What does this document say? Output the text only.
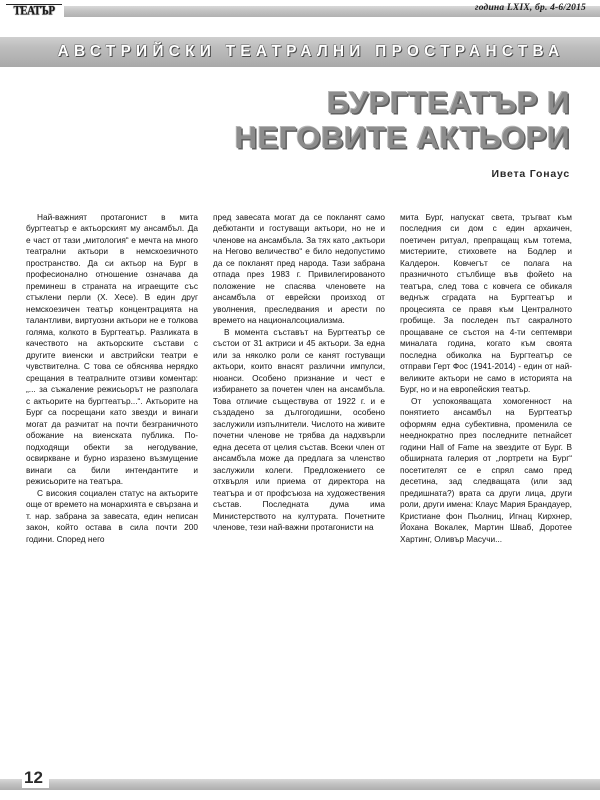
ТЕАТЪР	година LXIX, бр. 4-6/2015
АВСТРИЙСКИ ТЕАТРАЛНИ ПРОСТРАНСТВА
БУРГТЕАТЪР И
НЕГОВИТЕ АКТЬОРИ
Ивета Гонаус

Най-важният протагонист в мита бургтеатър е актьорският му ансамбъл. Да е част от тази „митология“ е мечта на много театрални актьори в немскоезичното пространство. Да си актьор на Бург в професионално отношение означава да преминеш в страната на играещите със стъклени перли (Х. Хесе). В един друг немскоезичен театър концентрацията на талантливи, виртуозни актьори не е толкова голяма, колкото в Бургтеатър. Разликата в качеството на актьорските състави с другите виенски и австрийски театри е чувствителна. С това се обяснява нерядко срещания в театралните отзиви коментар: „... за съжаление режисьорът не разполага с актьорите на бургтеатър...“. Актьорите на Бург са посрещани като звезди и винаги могат да разчитат на почти безграничното обожание на виенската публика. По-подходящи обекти за негодувание, освиркване и бурно изразено възмущение винаги са били интендантите и режисьорите на театъра.

С високия социален статус на актьорите още от времето на монархията е свързана и т. нар. забрана за завесата, един неписан закон, който остава в сила почти 200 години. Според него

пред завесата могат да се покланят само дебютанти и гостуващи актьори, но не и членове на ансамбъла. За тях като „актьори на Негово величество“ е било недопустимо да се покланят пред народа. Тази забрана отпада през 1983 г. Привилегированото положение не спасява членовете на ансамбъла от еврейски произход от уволнения, преследвания и арести по времето на националсоциализма.

В момента съставът на Бургтеатър се състои от 31 актриси и 45 актьори. За една или за няколко роли се канят гостуващи актьори, които внасят различни импулси, нюанси. Особено признание и чест е избирането за почетен член на ансамбъла. Това отличие съществува от 1922 г. и е създадено за дългогодишни, особено заслужили изпълнители. Числото на живите почетни членове не трябва да надхвърли една десета от целия състав. Всеки член от ансамбъла може да предлага за членство заслужили колеги. Предложението се отхвърля или приема от директора на театъра и от профсъюза на художествения състав. Последната дума има Министерството на културата. Почетните членове, тези най-важни протагонисти на

мита Бург, напускат света, тръгват към последния си дом с един архаичен, поетичен ритуал, препращащ към тотема, мистериите, стиховете на Бодлер и Калдерон. Ковчегът се полага на празничното стълбище във фойеto на театъра, след това с ковчега се обикаля веднъж сградата на Бургтеатър и процесията се правя към Централното гробище. За последен път сакралното прощаване се състоя на 4-ти септември миналата година, когато към своята последна обиколка на Бургтеатър се отправи Герт Фос (1941-2014) - един от най-великите актьори не само в историята на Бург, но и на европейския театър.

От успокояващата хомогенност на понятието ансамбъл на Бургтеатър оформям една субективна, променила се нееднократно през последните петнайсет години Hall of Fame на звездите от Бург. В обширната галерия от „портрети на Бург“ посетителят се е спрял само пред десетина, зад следващата (или зад предишната?) врата са други лица, други роли, други имена: Клаус Мария Брандауер, Кристиане фон Пьолниц, Игнац Кирхнер, Йохана Вокалек, Мартин Шваб, Доротее Хартинг, Оливър Масучи...

12
